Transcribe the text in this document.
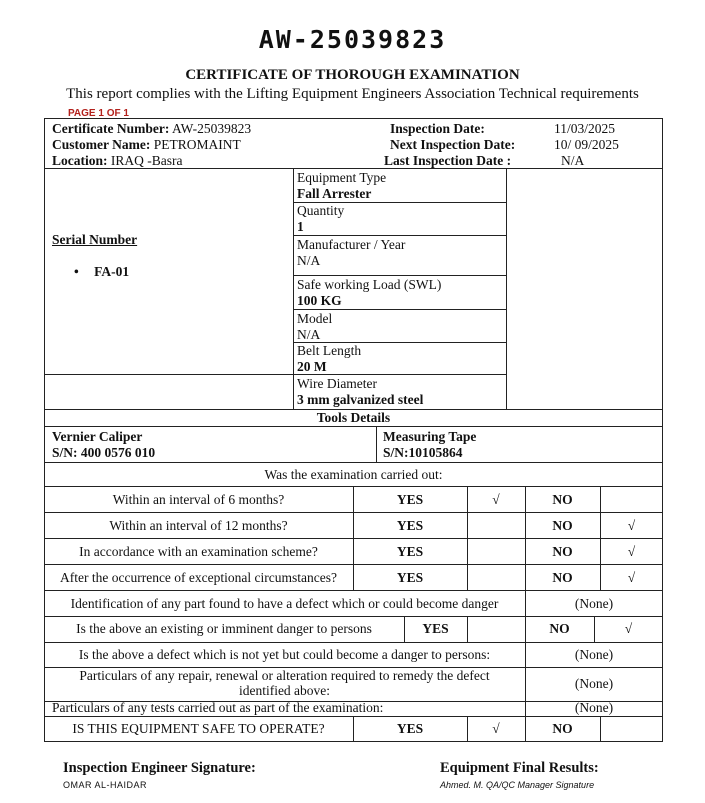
AW-25039823
CERTIFICATE OF THOROUGH EXAMINATION
This report complies with the Lifting Equipment Engineers Association Technical requirements
PAGE 1 OF 1
Certificate Number: AW-25039823
Customer Name: PETROMAINT
Location: IRAQ -Basra
Inspection Date:	11/03/2025
Next Inspection Date:	10/ 09/2025
Last Inspection Date :	N/A
Serial Number
• FA-01
Equipment Type
Fall Arrester
Quantity
1
Manufacturer / Year
N/A
Safe working Load (SWL)
100 KG
Model
N/A
Belt Length
20 M
Wire Diameter
3 mm galvanized steel
Tools Details
Vernier Caliper
S/N: 400 0576 010
Measuring Tape
S/N:10105864
Was the examination carried out:
Within an interval of 6 months?	YES	√	NO
Within an interval of 12 months?	YES	NO	√
In accordance with an examination scheme?	YES	NO	√
After the occurrence of exceptional circumstances?	YES	NO	√
Identification of any part found to have a defect which or could become danger	(None)
Is the above an existing or imminent danger to persons	YES	NO	√
Is the above a defect which is not yet but could become a danger to persons:	(None)
Particulars of any repair, renewal or alteration required to remedy the defect identified above:	(None)
Particulars of any tests carried out as part of the examination:	(None)
IS THIS EQUIPMENT SAFE TO OPERATE?	YES	√	NO
Inspection Engineer Signature:
OMAR AL-HAIDAR
Equipment Final Results:
Ahmed. M. QA/QC Manager Signature
